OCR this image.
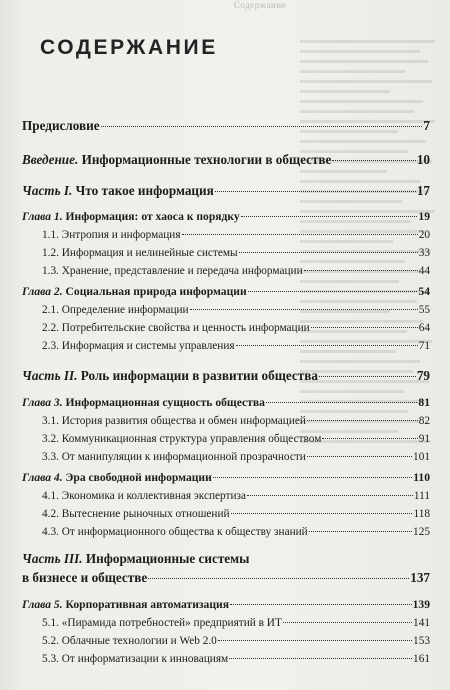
Содержание
СОДЕРЖАНИЕ
Предисловие	7
Введение. Информационные технологии в обществе	10
Часть I. Что такое информация	17
Глава 1. Информация: от хаоса к порядку	19
1.1. Энтропия и информация	20
1.2. Информация и нелинейные системы	33
1.3. Хранение, представление и передача информации	44
Глава 2. Социальная природа информации	54
2.1. Определение информации	55
2.2. Потребительские свойства и ценность информации	64
2.3. Информация и системы управления	71
Часть II. Роль информации в развитии общества	79
Глава 3. Информационная сущность общества	81
3.1. История развития общества и обмен информацией	82
3.2. Коммуникационная структура управления обществом	91
3.3. От манипуляции к информационной прозрачности	101
Глава 4. Эра свободной информации	110
4.1. Экономика и коллективная экспертиза	111
4.2. Вытеснение рыночных отношений	118
4.3. От информационного общества к обществу знаний	125
Часть III. Информационные системы
в бизнесе и обществе	137
Глава 5. Корпоративная автоматизация	139
5.1. «Пирамида потребностей» предприятий в ИТ	141
5.2. Облачные технологии и Web 2.0	153
5.3. От информатизации к инновациям	161
